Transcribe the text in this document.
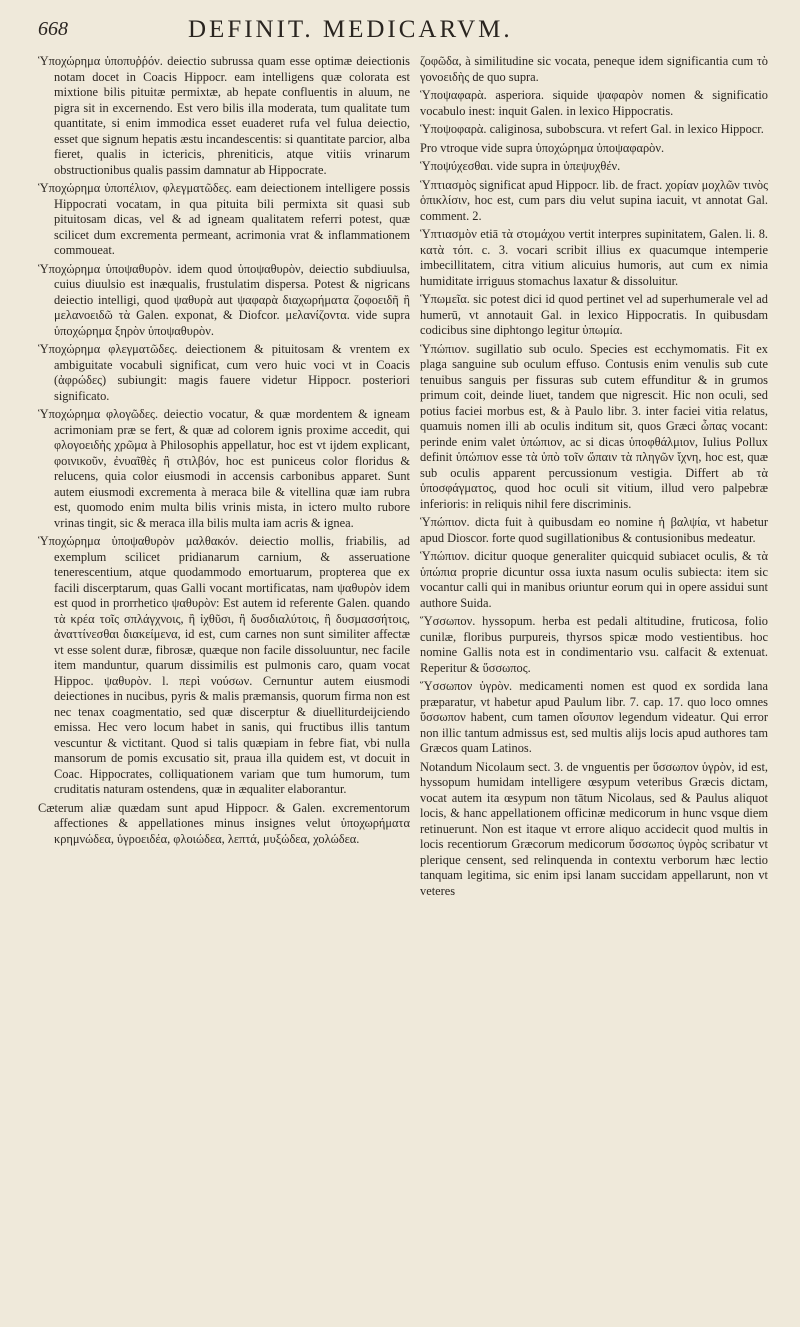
668	DEFINIT. MEDICARVM.

Ὑποχώρημα ὑποπυῤῥόν. deiectio subrussa quam esse optimæ deiectionis notam docet in Coacis Hippocr. eam intelligens quæ colorata est mixtione bilis pituitæ permixtæ, ab hepate confluentis in aluum, ne pigra sit in excernendo. Est vero bilis illa moderata, tum qualitate tum quantitate, si enim immodica esset euaderet rufa vel fulua deiectio, esset que signum hepatis æstu incandescentis: si quantitate parcior, alba fieret, qualis in ictericis, phreniticis, atque vitiis vrinarum obstructionibus qualis passim damnatur ab Hippocrate.

Ὑποχώρημα ὑποπέλιον, φλεγματῶδες. eam deiectionem intelligere possis Hippocrati vocatam, in qua pituita bili permixta sit quasi sub pituitosam dicas, vel & ad igneam qualitatem referri potest, quæ scilicet dum excrementa permeant, acrimonia vrat & inflammationem commoueat.

Ὑποχώρημα ὑποψαθυρὸν. idem quod ὑποψαθυρὸν, deiectio subdiuulsa, cuius diuulsio est inæqualis, frustulatim dispersa. Potest & nigricans deiectio intelligi, quod ψαθυρὰ aut ψαφαρὰ διαχωρήματα ζοφοειδῆ ἢ μελανοειδῶ τὰ Galen. exponat, & Diofcor. μελανίζοντα. vide supra ὑποχώρημα ξηρὸν ὑποψαθυρὸν.

Ὑποχώρημα φλεγματῶδες. deiectionem & pituitosam & vrentem ex ambiguitate vocabuli significat, cum vero huic voci vt in Coacis (ἀφρώδες) subiungit: magis fauere videtur Hippocr. posteriori significato.

Ὑποχώρημα φλογῶδες. deiectio vocatur, & quæ mordentem & igneam acrimoniam præ se fert, & quæ ad colorem ignis proxime accedit, qui φλογοειδὴς χρῶμα à Philosophis appellatur, hoc est vt ijdem explicant, φοινικοῦν, ἐνυαῖθὲς ἢ στιλβόν, hoc est puniceus color floridus & relucens, quia color eiusmodi in accensis carbonibus apparet. Sunt autem eiusmodi excrementa à meraca bile & vitellina quæ iam rubra est, quomodo enim multa bilis vrinis mista, in ictero multo rubore vrinas tingit, sic & meraca illa bilis multa iam acris & ignea.

Ὑποχώρημα ὑποψαθυρὸν μαλθακόν. deiectio mollis, friabilis, ad exemplum scilicet pridianarum carnium, & asseruatione tenerescentium, atque quodammodo emortuarum, propterea que ex facili discerptarum, quas Galli vocant mortificatas, nam ψαθυρὸν idem est quod in prorrhetico ψαθυρὸν: Est autem id referente Galen. quando τὰ κρέα τοῖς σπλάγχνοις, ἢ ἰχθῦσι, ἢ δυσδιαλύτοις, ἢ δυσμασσήτοις, ἀναττίνεσθαι διακείμενα, id est, cum carnes non sunt similiter affectæ vt esse solent duræ, fibrosæ, quæque non facile dissoluuntur, nec facile item manduntur, quarum dissimilis est pulmonis caro, quam vocat Hippoc. ψαθυρὸν. l. περὶ νούσων. Cernuntur autem eiusmodi deiectiones in nucibus, pyris & malis præmansis, quorum firma non est nec tenax coagmentatio, sed quæ discerptur & diuelliturdeijciendo emissa. Hec vero locum habet in sanis, qui fructibus illis tantum vescuntur & victitant. Quod si talis quæpiam in febre fiat, vbi nulla mansorum de pomis excusatio sit, praua illa quidem est, vt docuit in Coac. Hippocrates, colliquationem variam que tum humorum, tum cruditatis naturam ostendens, quæ in æqualiter elaborantur.

Cæterum aliæ quædam sunt apud Hippocr. & Galen. excrementorum affectiones & appellationes minus insignes velut ὑποχωρήματα κρημνώδεα, ὑγροειδέα, φλοιώδεα, λεπτά, μυξώδεα, χολώδεα.

ζοφῶδα, à similitudine sic vocata, peneque idem significantia cum τὸ γονοειδὴς de quo supra.

Ὑποψαφαρὰ. asperiora. siquide ψαφαρὸν nomen & significatio vocabulo inest: inquit Galen. in lexico Hippocratis.

Ὑποψοφαρὰ. caliginosa, subobscura. vt refert Gal. in lexico Hippocr.

Pro vtroque vide supra ὑποχώρημα ὑποψαφαρὸν.

Ὑποψύχεσθαι. vide supra in ὑπεψυχθέν.

Ὑπτιασμὸς significat apud Hippocr. lib. de fract. χορίαν μοχλῶν τινὸς ὁπικλίσιν, hoc est, cum pars diu velut supina iacuit, vt annotat Gal. comment. 2.

Ὑπτιασμὸν etiā τὰ στομάχου vertit interpres supinitatem, Galen. li. 8. κατὰ τόπ. c. 3. vocari scribit illius ex quacumque intemperie imbecillitatem, citra vitium alicuius humoris, aut cum ex nimia humiditate irriguus stomachus laxatur & dissoluitur.

Ὑπωμεῖα. sic potest dici id quod pertinet vel ad superhumerale vel ad humerū, vt annotauit Gal. in lexico Hippocratis. In quibusdam codicibus sine diphtongo legitur ὑπωμία.

Ὑπώπιον. sugillatio sub oculo. Species est ecchymomatis. Fit ex plaga sanguine sub oculum effuso. Contusis enim venulis sub cute tenuibus sanguis per fissuras sub cutem effunditur & in grumos primum coit, deinde liuet, tandem que nigrescit. Hic non oculi, sed potius faciei morbus est, & à Paulo libr. 3. inter faciei vitia relatus, quamuis nomen illi ab oculis inditum sit, quos Græci ὦπας vocant: perinde enim valet ὑπώπιον, ac si dicas ὑποφθάλμιον, Iulius Pollux definit ὑπώπιον esse τὰ ὑπὸ τοῖν ὤπαιν τὰ πληγῶν ἴχνη, hoc est, quæ sub oculis apparent percussionum vestigia. Differt ab τὰ ὑποσφάγματος, quod hoc oculi sit vitium, illud vero palpebræ inferioris: in reliquis nihil fere discriminis.

Ὑπώπιον. dicta fuit à quibusdam eo nomine ἡ βαλψία, vt habetur apud Dioscor. forte quod sugillationibus & contusionibus medeatur.

Ὑπώπιον. dicitur quoque generaliter quicquid subiacet oculis, & τὰ ὑπώπια proprie dicuntur ossa iuxta nasum oculis subiecta: item sic vocantur calli qui in manibus oriuntur eorum qui in opere assidui sunt authore Suida.

Ὕσσωπον. hyssopum. herba est pedali altitudine, fruticosa, folio cunilæ, floribus purpureis, thyrsos spicæ modo vestientibus. hoc nomine Gallis nota est in condimentario vsu. calfacit & extenuat. Reperitur & ὕσσωπος.

Ὕσσωπον ὑγρὸν. medicamenti nomen est quod ex sordida lana præparatur, vt habetur apud Paulum libr. 7. cap. 17. quo loco omnes ὕσσωπον habent, cum tamen οἴσυπον legendum videatur. Qui error non illic tantum admissus est, sed multis alijs locis apud authores tam Græcos quam Latinos.

Notandum Nicolaum sect. 3. de vnguentis per ὕσσωπον ὑγρὸν, id est, hyssopum humidam intelligere œsypum veteribus Græcis dictam, vocat autem ita œsypum non tātum Nicolaus, sed & Paulus aliquot locis, & hanc appellationem officinæ medicorum in hunc vsque diem retinuerunt. Non est itaque vt errore aliquo accidecit quod multis in locis recentiorum Græcorum medicorum ὕσσωπος ὑγρὸς scribatur vt plerique censent, sed relinquenda in contextu verborum hæc lectio tanquam legitima, sic enim ipsi lanam succidam appellarunt, non vt veteres
